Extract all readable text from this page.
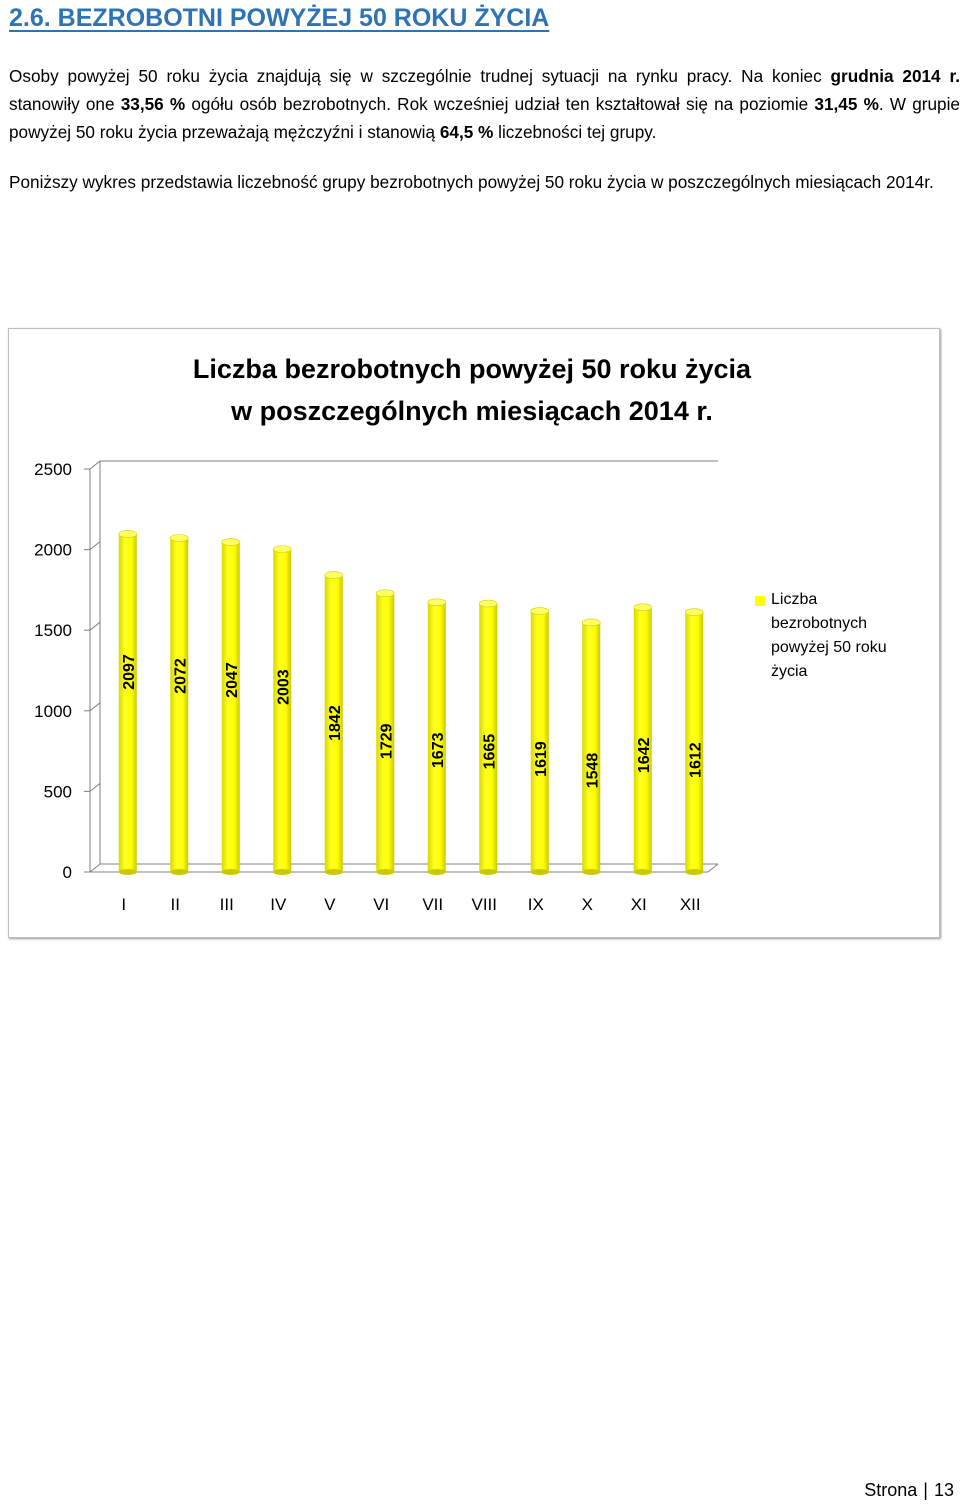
2.6. BEZROBOTNI POWYŻEJ 50 ROKU ŻYCIA

Osoby powyżej 50 roku życia znajdują się w szczególnie trudnej sytuacji na rynku pracy. Na koniec grudnia 2014 r. stanowiły one 33,56 % ogółu osób bezrobotnych. Rok wcześniej udział ten kształtował się na poziomie 31,45 %. W grupie powyżej 50 roku życia przeważają mężczyźni i stanowią 64,5 % liczebności tej grupy.

Poniższy wykres przedstawia liczebność grupy bezrobotnych powyżej 50 roku życia w poszczególnych miesiącach 2014r.

Liczba bezrobotnych powyżej 50 roku życia
w poszczególnych miesiącach 2014 r.
0
500
1000
1500
2000
2500
2097
I
2072
II
2047
III
2003
IV
1842
V
1729
VI
1673
VII
1665
VIII
1619
IX
1548
X
1642
XI
1612
XII
Liczba bezrobotnych powyżej 50 roku życia
Strona | 13
